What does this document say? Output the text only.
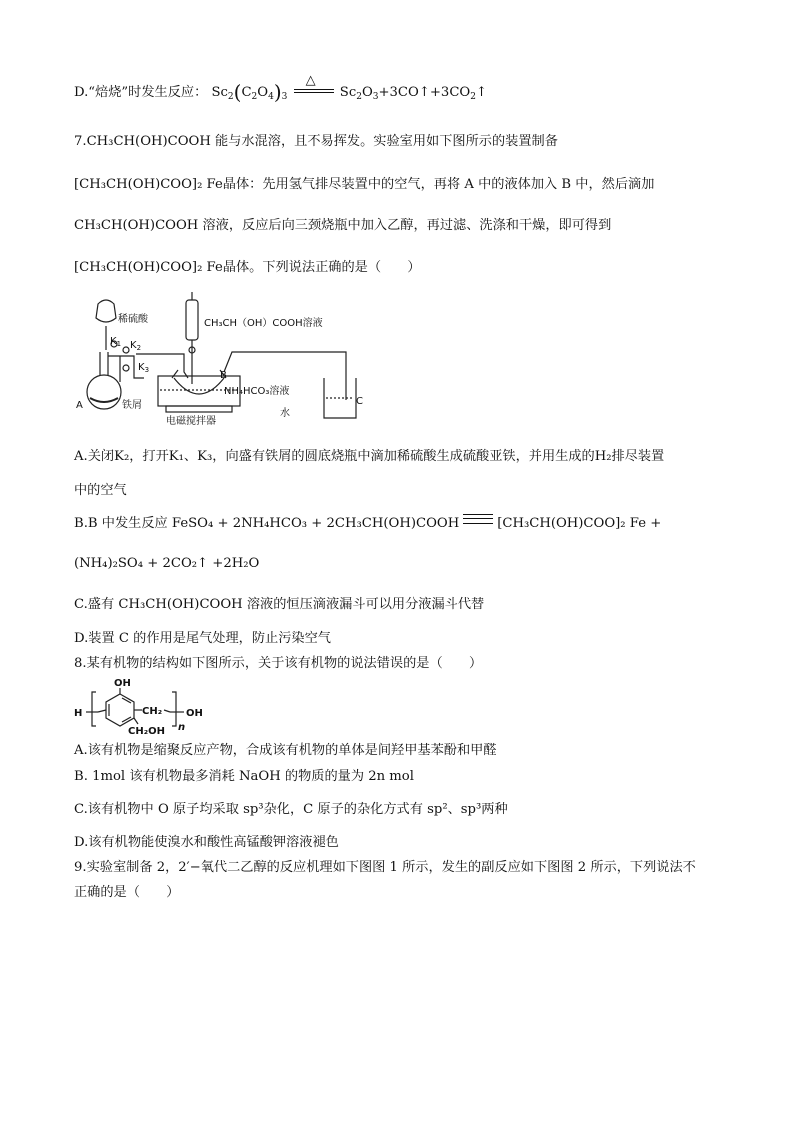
D.“焙烧”时发生反应： $Sc_2(C_2O_4)_3$
△
$Sc_2O_3+3CO↑+3CO_2↑$
7.CH₃CH(OH)COOH 能与水混溶，且不易挥发。实验室用如下图所示的装置制备
[CH₃CH(OH)COO]₂ Fe晶体：先用氢气排尽装置中的空气，再将 A 中的液体加入 B 中，然后滴加
CH₃CH(OH)COOH 溶液，反应后向三颈烧瓶中加入乙醇，再过滤、洗涤和干燥，即可得到
[CH₃CH(OH)COO]₂ Fe晶体。下列说法正确的是（　　）
稀硫酸
$K_1$ $K_2$
$K_3$
A	铁屑
CH₃CH（OH）COOH溶液
B
NH₄HCO₃溶液
电磁搅拌器
水
C
A.关闭K₂，打开K₁、K₃，向盛有铁屑的圆底烧瓶中滴加稀硫酸生成硫酸亚铁，并用生成的H₂排尽装置
中的空气
B.B 中发生反应 FeSO₄ + 2NH₄HCO₃ + 2CH₃CH(OH)COOH	[CH₃CH(OH)COO]₂ Fe +
(NH₄)₂SO₄ + 2CO₂↑ +2H₂O
C.盛有 CH₃CH(OH)COOH 溶液的恒压滴液漏斗可以用分液漏斗代替
D.装置 C 的作用是尾气处理，防止污染空气
8.某有机物的结构如下图所示，关于该有机物的说法错误的是（　　）
OH
H	CH₂
CH₂OH
OH
n
A.该有机物是缩聚反应产物，合成该有机物的单体是间羟甲基苯酚和甲醛
B. 1mol 该有机物最多消耗 NaOH 的物质的量为 2n mol
C.该有机物中 O 原子均采取 sp³杂化，C 原子的杂化方式有 sp²、sp³两种
D.该有机物能使溴水和酸性高锰酸钾溶液褪色
9.实验室制备 2，2′−氧代二乙醇的反应机理如下图图 1 所示，发生的副反应如下图图 2 所示，下列说法不
正确的是（　　）
